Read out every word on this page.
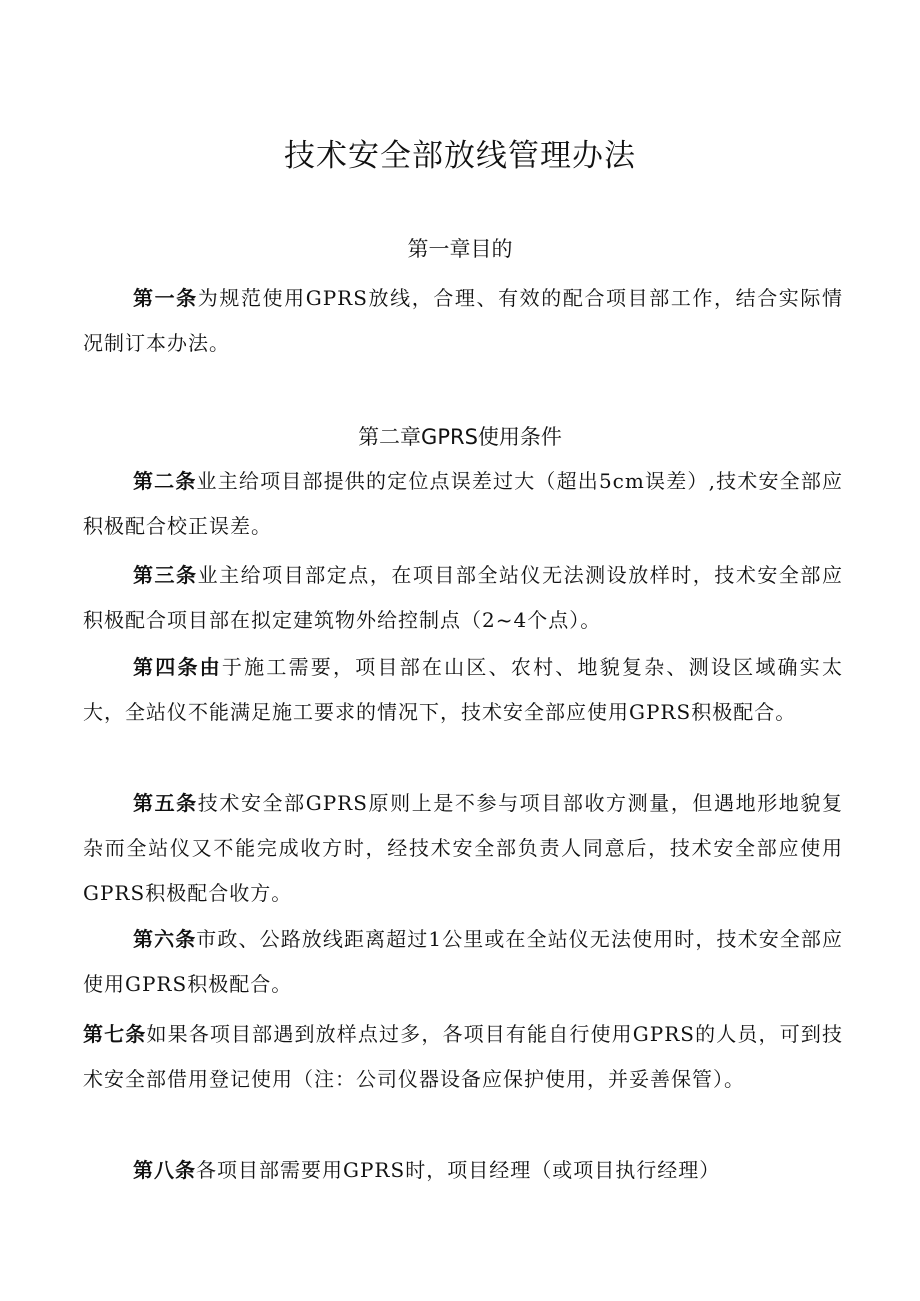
技术安全部放线管理办法
第一章目的
第一条为规范使用GPRS放线，合理、有效的配合项目部工作，结合实际情况制订本办法。
第二章GPRS使用条件
第二条业主给项目部提供的定位点误差过大（超出5cm误差）,技术安全部应积极配合校正误差。
第三条业主给项目部定点，在项目部全站仪无法测设放样时，技术安全部应积极配合项目部在拟定建筑物外给控制点（2~4个点）。
第四条由于施工需要，项目部在山区、农村、地貌复杂、测设区域确实太大，全站仪不能满足施工要求的情况下，技术安全部应使用GPRS积极配合。
第五条技术安全部GPRS原则上是不参与项目部收方测量，但遇地形地貌复杂而全站仪又不能完成收方时，经技术安全部负责人同意后，技术安全部应使用GPRS积极配合收方。
第六条市政、公路放线距离超过1公里或在全站仪无法使用时，技术安全部应使用GPRS积极配合。
第七条如果各项目部遇到放样点过多，各项目有能自行使用GPRS的人员，可到技术安全部借用登记使用（注：公司仪器设备应保护使用，并妥善保管）。
第八条各项目部需要用GPRS时，项目经理（或项目执行经理）
